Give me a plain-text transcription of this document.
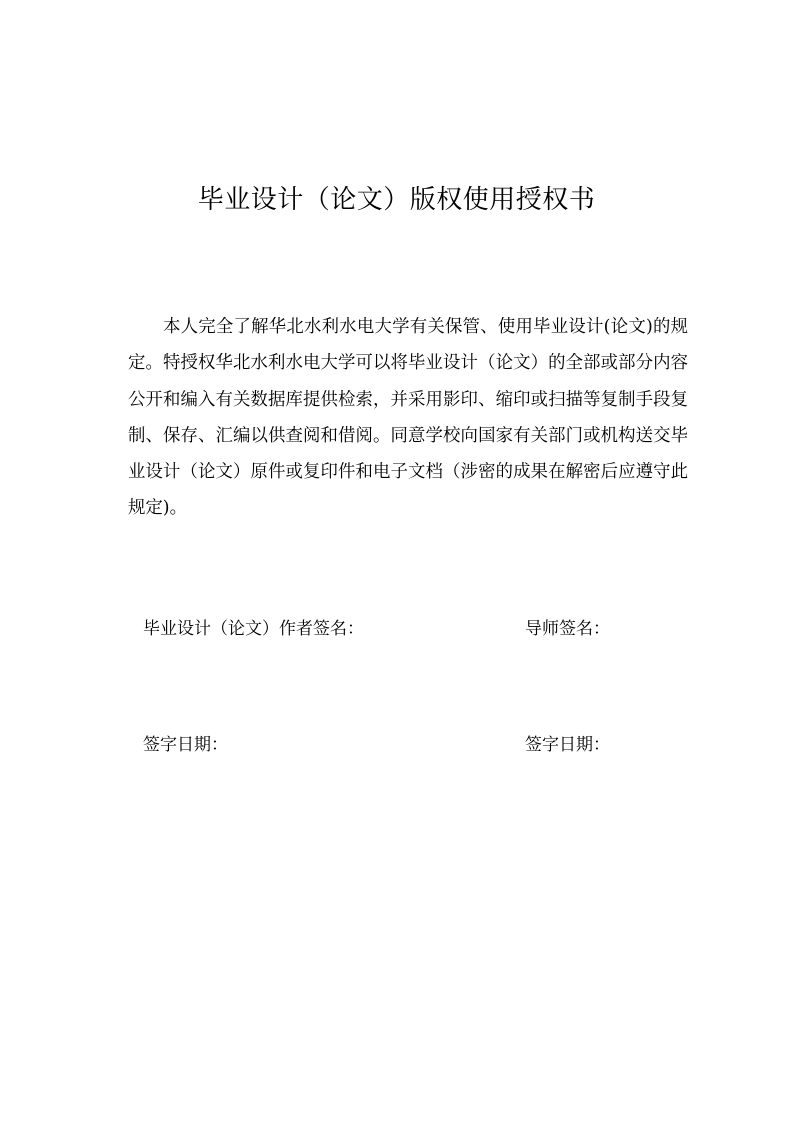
毕业设计（论文）版权使用授权书

本人完全了解华北水利水电大学有关保管、使用毕业设计(论文)的规定。特授权华北水利水电大学可以将毕业设计（论文）的全部或部分内容公开和编入有关数据库提供检索，并采用影印、缩印或扫描等复制手段复制、保存、汇编以供查阅和借阅。同意学校向国家有关部门或机构送交毕业设计（论文）原件或复印件和电子文档（涉密的成果在解密后应遵守此规定)。

毕业设计（论文）作者签名：	导师签名：
签字日期：	签字日期：
